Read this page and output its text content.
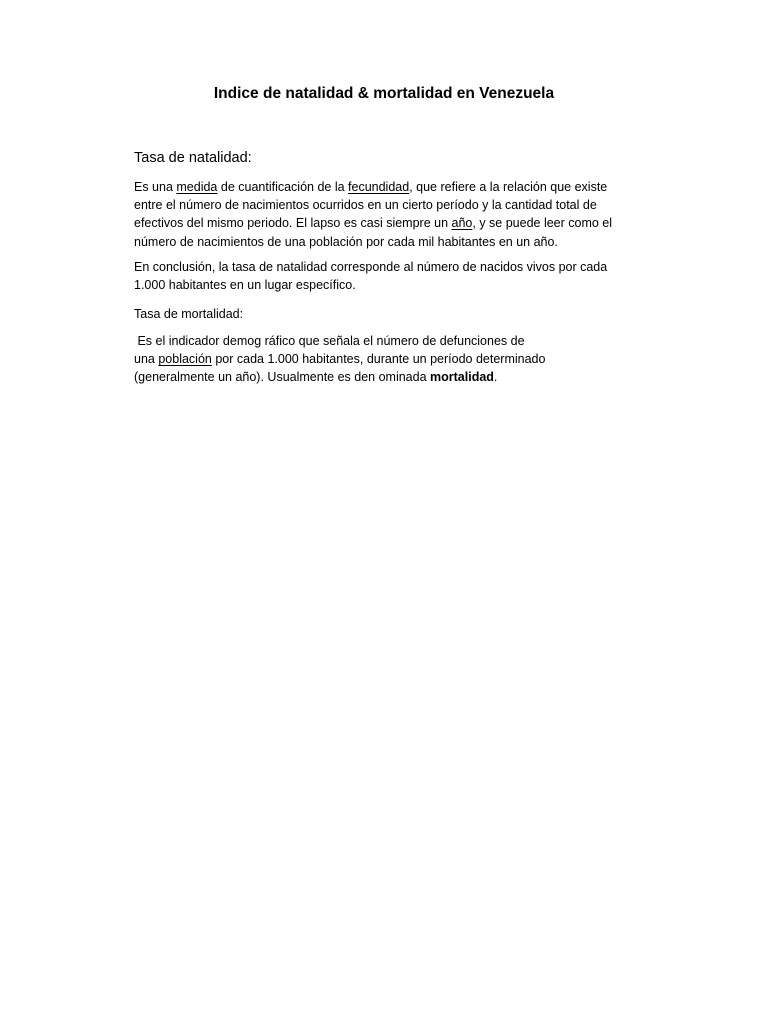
Indice de natalidad & mortalidad en Venezuela

Tasa de natalidad:

Es una medida de cuantificación de la fecundidad, que refiere a la relación que existe
entre el número de nacimientos ocurridos en un cierto período y la cantidad total de
efectivos del mismo periodo. El lapso es casi siempre un año, y se puede leer como el
número de nacimientos de una población por cada mil habitantes en un año.

En conclusión, la tasa de natalidad corresponde al número de nacidos vivos por cada
1.000 habitantes en un lugar específico.

Tasa de mortalidad:

Es el indicador demog ráfico que señala el número de defunciones de
una población por cada 1.000 habitantes, durante un período determinado
(generalmente un año). Usualmente es den ominada mortalidad.
